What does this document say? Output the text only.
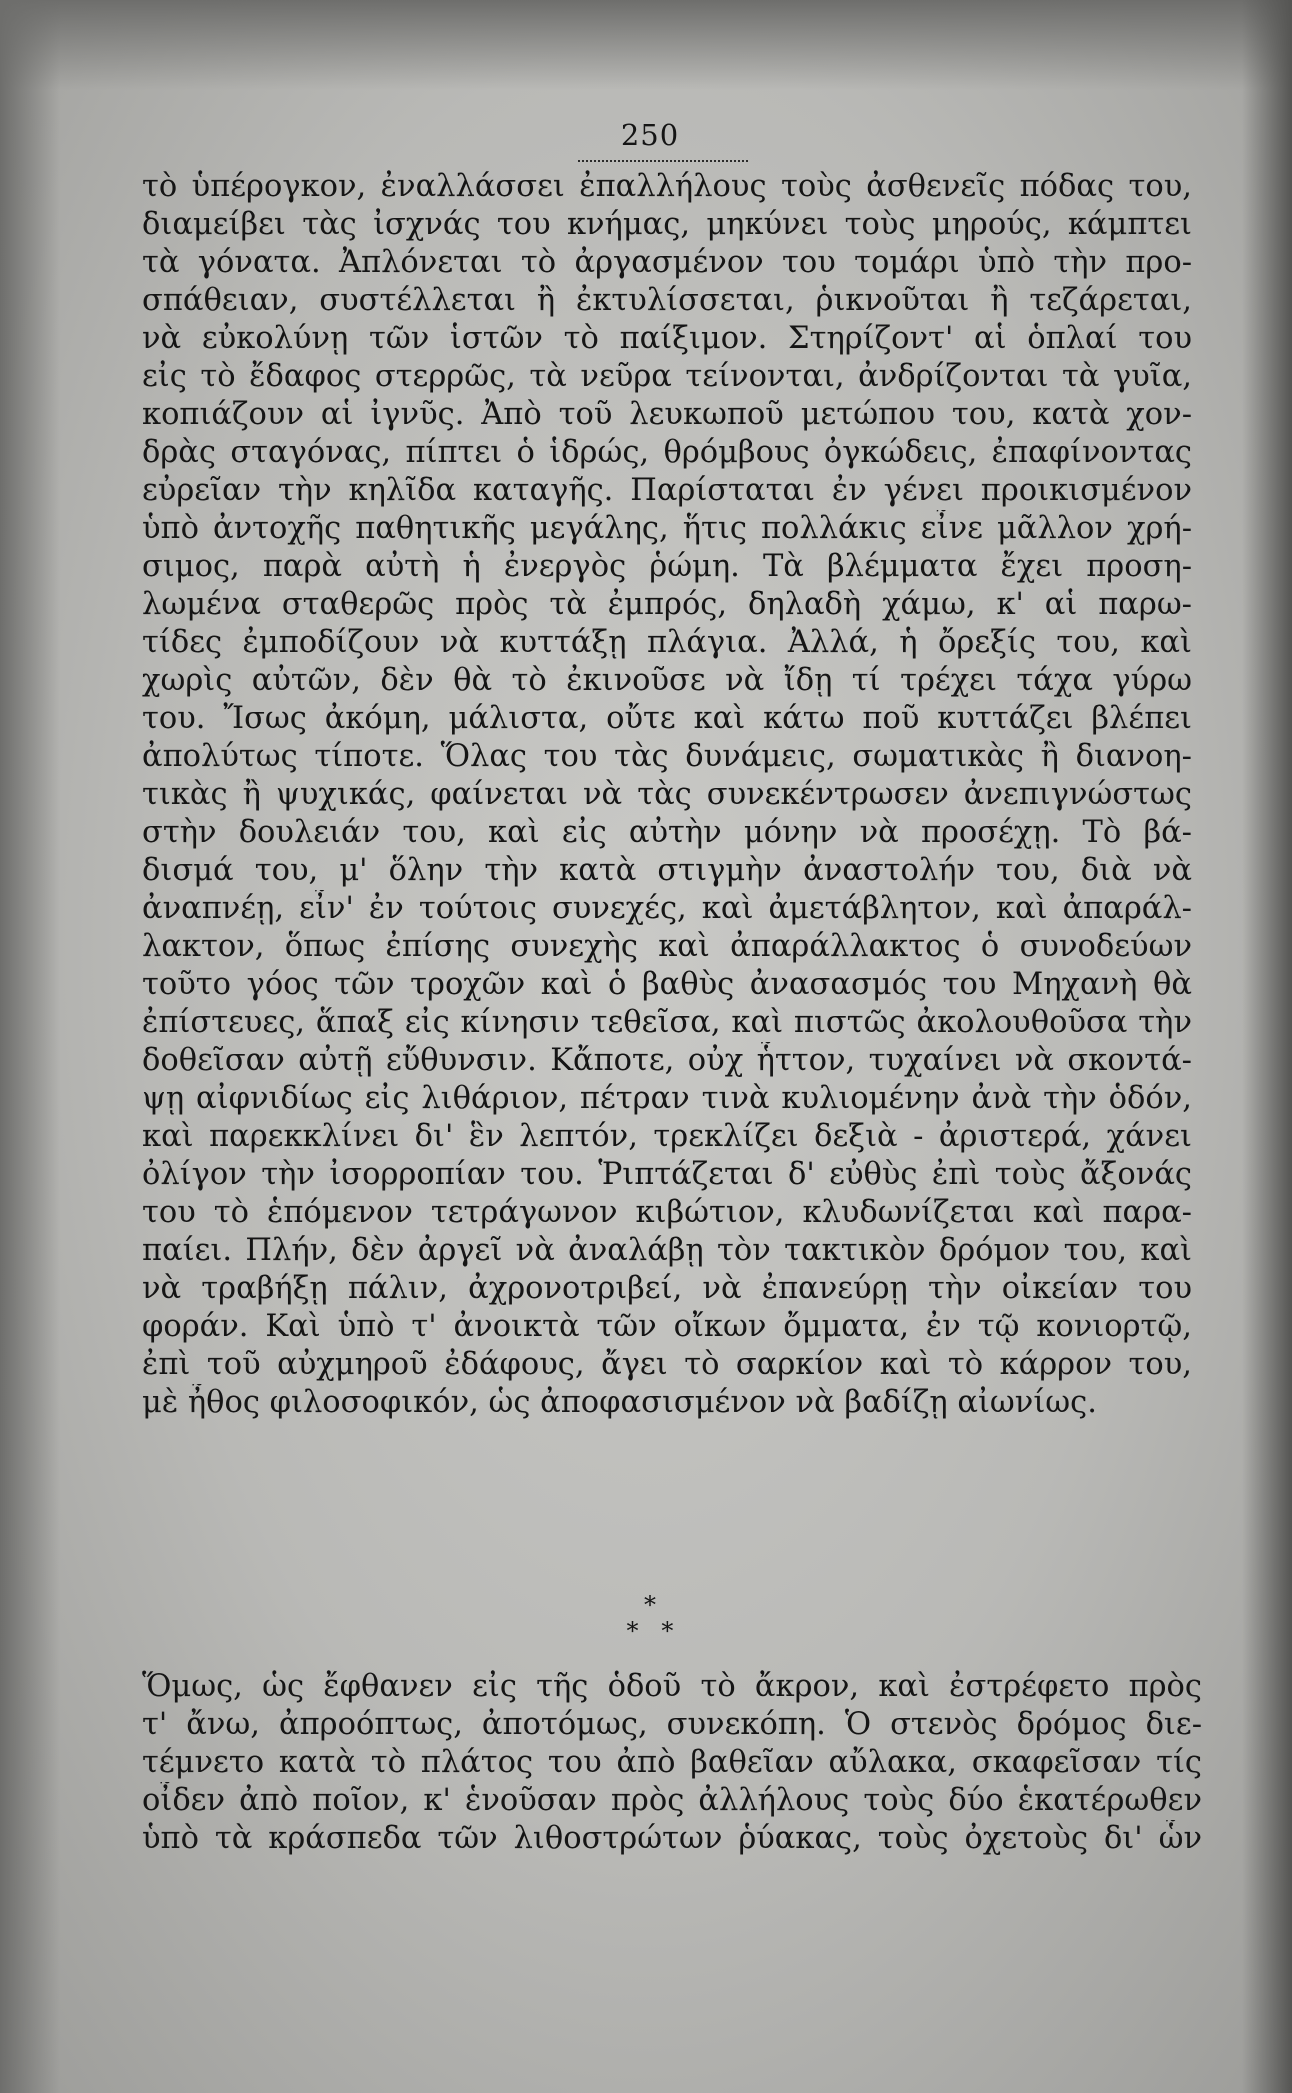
250
τὸ ὑπέρογκον, ἐναλλάσσει ἐπαλλήλους τοὺς ἀσθενεῖς πόδας του,
διαμείβει τὰς ἰσχνάς του κνήμας, μηκύνει τοὺς μηρούς, κάμπτει
τὰ γόνατα. Ἀπλόνεται τὸ ἀργασμένον του τομάρι ὑπὸ τὴν προ-
σπάθειαν, συστέλλεται ἢ ἐκτυλίσσεται, ῥικνοῦται ἢ τεζάρεται,
νὰ εὐκολύνῃ τῶν ἱστῶν τὸ παίξιμον. Στηρίζοντ' αἱ ὁπλαί του
εἰς τὸ ἔδαφος στερρῶς, τὰ νεῦρα τείνονται, ἀνδρίζονται τὰ γυῖα,
κοπιάζουν αἱ ἰγνῦς. Ἀπὸ τοῦ λευκωποῦ μετώπου του, κατὰ χον-
δρὰς σταγόνας, πίπτει ὁ ἱδρώς, θρόμβους ὀγκώδεις, ἐπαφίνοντας
εὐρεῖαν τὴν κηλῖδα καταγῆς. Παρίσταται ἐν γένει προικισμένον
ὑπὸ ἀντοχῆς παθητικῆς μεγάλης, ἥτις πολλάκις εἶνε μᾶλλον χρή-
σιμος, παρὰ αὐτὴ ἡ ἐνεργὸς ῥώμη. Τὰ βλέμματα ἔχει προση-
λωμένα σταθερῶς πρὸς τὰ ἐμπρός, δηλαδὴ χάμω, κ' αἱ παρω-
τίδες ἐμποδίζουν νὰ κυττάξῃ πλάγια. Ἀλλά, ἡ ὄρεξίς του, καὶ
χωρὶς αὐτῶν, δὲν θὰ τὸ ἐκινοῦσε νὰ ἴδῃ τί τρέχει τάχα γύρω
του. Ἴσως ἀκόμη, μάλιστα, οὔτε καὶ κάτω ποῦ κυττάζει βλέπει
ἀπολύτως τίποτε. Ὅλας του τὰς δυνάμεις, σωματικὰς ἢ διανοη-
τικὰς ἢ ψυχικάς, φαίνεται νὰ τὰς συνεκέντρωσεν ἀνεπιγνώστως
στὴν δουλειάν του, καὶ εἰς αὐτὴν μόνην νὰ προσέχῃ. Τὸ βά-
δισμά του, μ' ὅλην τὴν κατὰ στιγμὴν ἀναστολήν του, διὰ νὰ
ἀναπνέῃ, εἶν' ἐν τούτοις συνεχές, καὶ ἀμετάβλητον, καὶ ἀπαράλ-
λακτον, ὅπως ἐπίσης συνεχὴς καὶ ἀπαράλλακτος ὁ συνοδεύων
τοῦτο γόος τῶν τροχῶν καὶ ὁ βαθὺς ἀνασασμός του Μηχανὴ θὰ
ἐπίστευες, ἅπαξ εἰς κίνησιν τεθεῖσα, καὶ πιστῶς ἀκολουθοῦσα τὴν
δοθεῖσαν αὐτῇ εὔθυνσιν. Κἄποτε, οὐχ ἧττον, τυχαίνει νὰ σκοντά-
ψῃ αἰφνιδίως εἰς λιθάριον, πέτραν τινὰ κυλιομένην ἀνὰ τὴν ὁδόν,
καὶ παρεκκλίνει δι' ἓν λεπτόν, τρεκλίζει δεξιὰ - ἀριστερά, χάνει
ὀλίγον τὴν ἰσορροπίαν του. Ῥιπτάζεται δ' εὐθὺς ἐπὶ τοὺς ἄξονάς
του τὸ ἑπόμενον τετράγωνον κιβώτιον, κλυδωνίζεται καὶ παρα-
παίει. Πλήν, δὲν ἀργεῖ νὰ ἀναλάβῃ τὸν τακτικὸν δρόμον του, καὶ
νὰ τραβήξῃ πάλιν, ἀχρονοτριβεί, νὰ ἐπανεύρῃ τὴν οἰκείαν του
φοράν. Καὶ ὑπὸ τ' ἀνοικτὰ τῶν οἴκων ὄμματα, ἐν τῷ κονιορτῷ,
ἐπὶ τοῦ αὐχμηροῦ ἐδάφους, ἄγει τὸ σαρκίον καὶ τὸ κάρρον του,
μὲ ἦθος φιλοσοφικόν, ὡς ἀποφασισμένον νὰ βαδίζῃ αἰωνίως.
*
*   *
Ὅμως, ὡς ἔφθανεν εἰς τῆς ὁδοῦ τὸ ἄκρον, καὶ ἐστρέφετο πρὸς
τ' ἄνω, ἀπροόπτως, ἀποτόμως, συνεκόπη. Ὁ στενὸς δρόμος διε-
τέμνετο κατὰ τὸ πλάτος του ἀπὸ βαθεῖαν αὔλακα, σκαφεῖσαν τίς
οἶδεν ἀπὸ ποῖον, κ' ἑνοῦσαν πρὸς ἀλλήλους τοὺς δύο ἑκατέρωθεν
ὑπὸ τὰ κράσπεδα τῶν λιθοστρώτων ῥύακας, τοὺς ὀχετοὺς δι' ὧν
